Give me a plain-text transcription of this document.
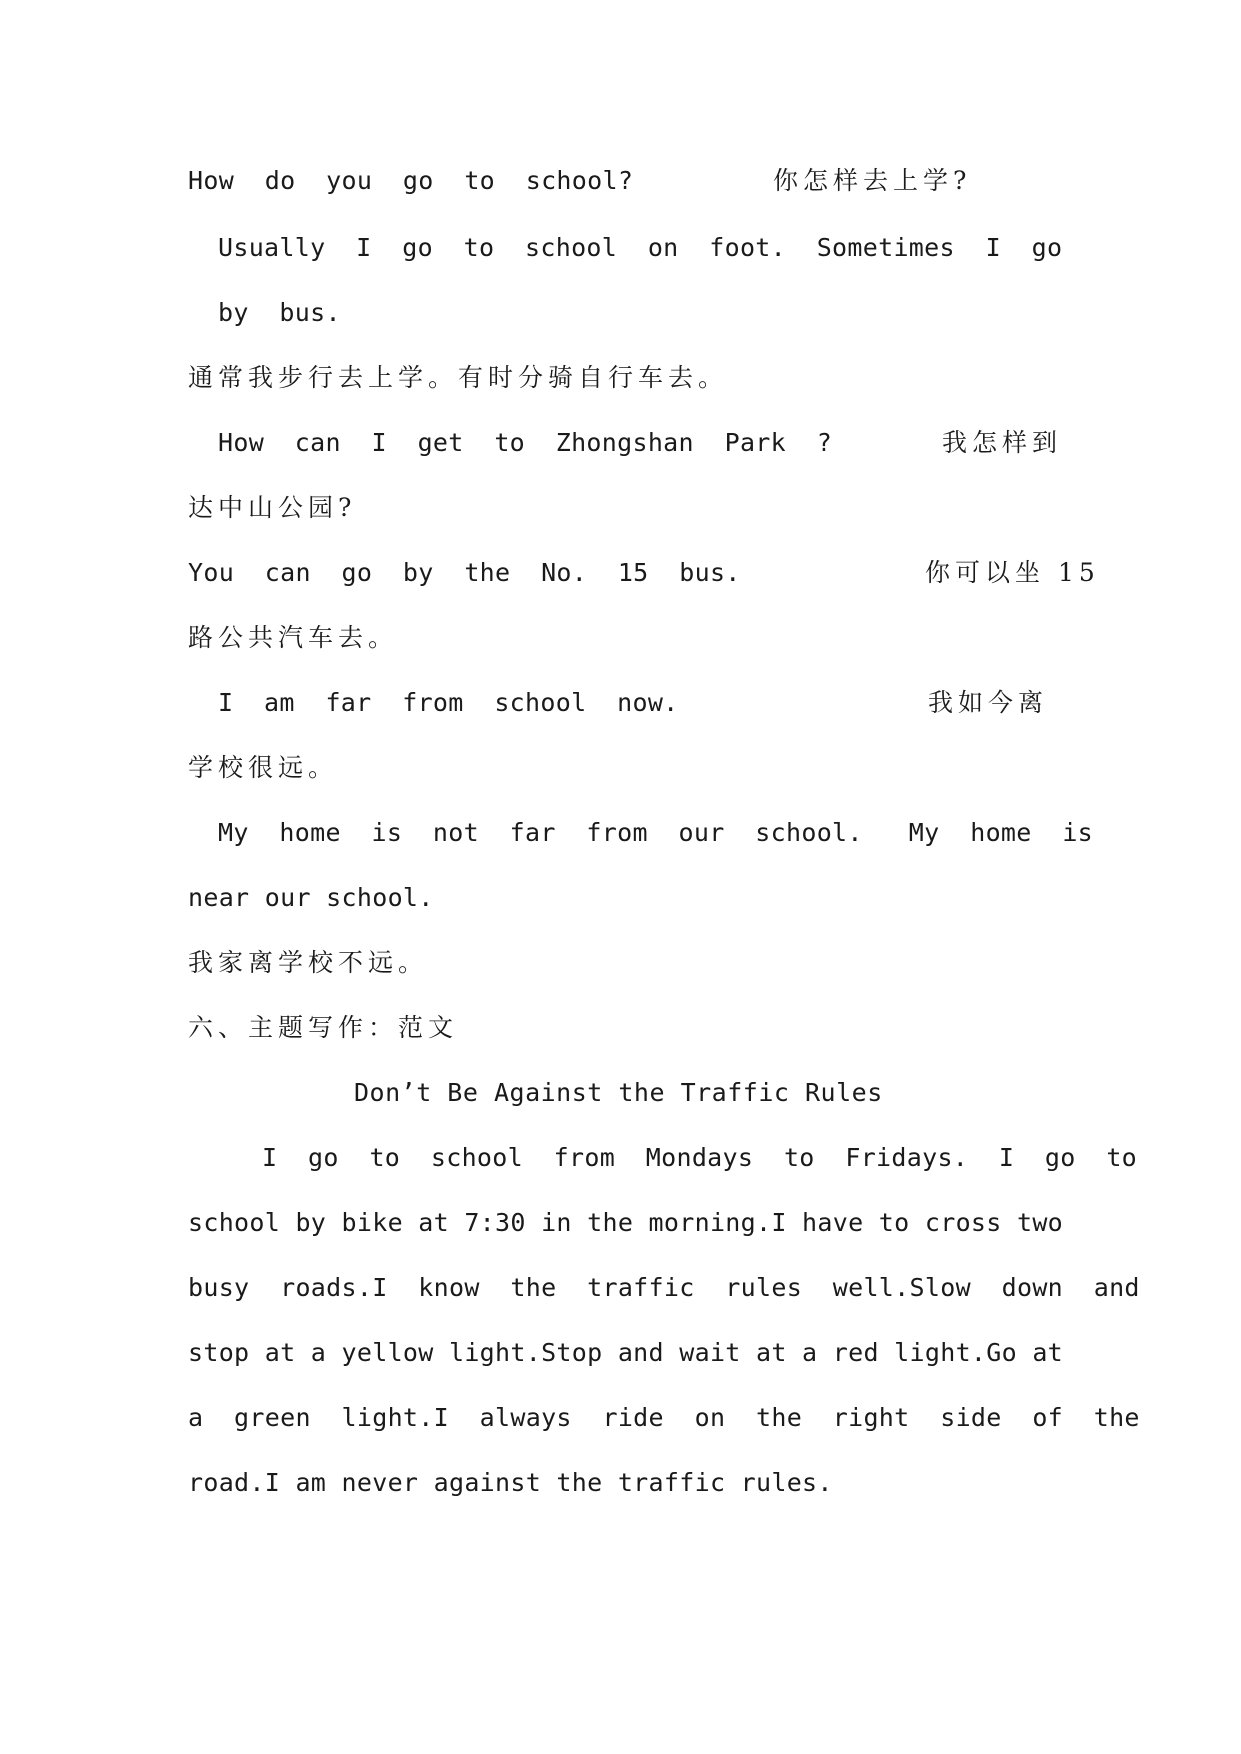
How  do  you  go  to  school?	你怎样去上学?
Usually  I  go  to  school  on  foot.  Sometimes  I  go
by  bus.
通常我步行去上学。有时分骑自行车去。
How  can  I  get  to  Zhongshan  Park  ?	我怎样到
达中山公园?
You  can  go  by  the  No.  15  bus.	你可以坐 15
路公共汽车去。
I  am  far  from  school  now.	我如今离
学校很远。
My  home  is  not  far  from  our  school.   My  home  is
near our school.
我家离学校不远。
六、主题写作：范文
Don’t Be Against the Traffic Rules
I  go  to  school  from  Mondays  to  Fridays.  I  go  to
school by bike at 7:30 in the morning.I have to cross two
busy  roads.I  know  the  traffic  rules  well.Slow  down  and
stop at a yellow light.Stop and wait at a red light.Go at
a  green  light.I  always  ride  on  the  right  side  of  the
road.I am never against the traffic rules.
